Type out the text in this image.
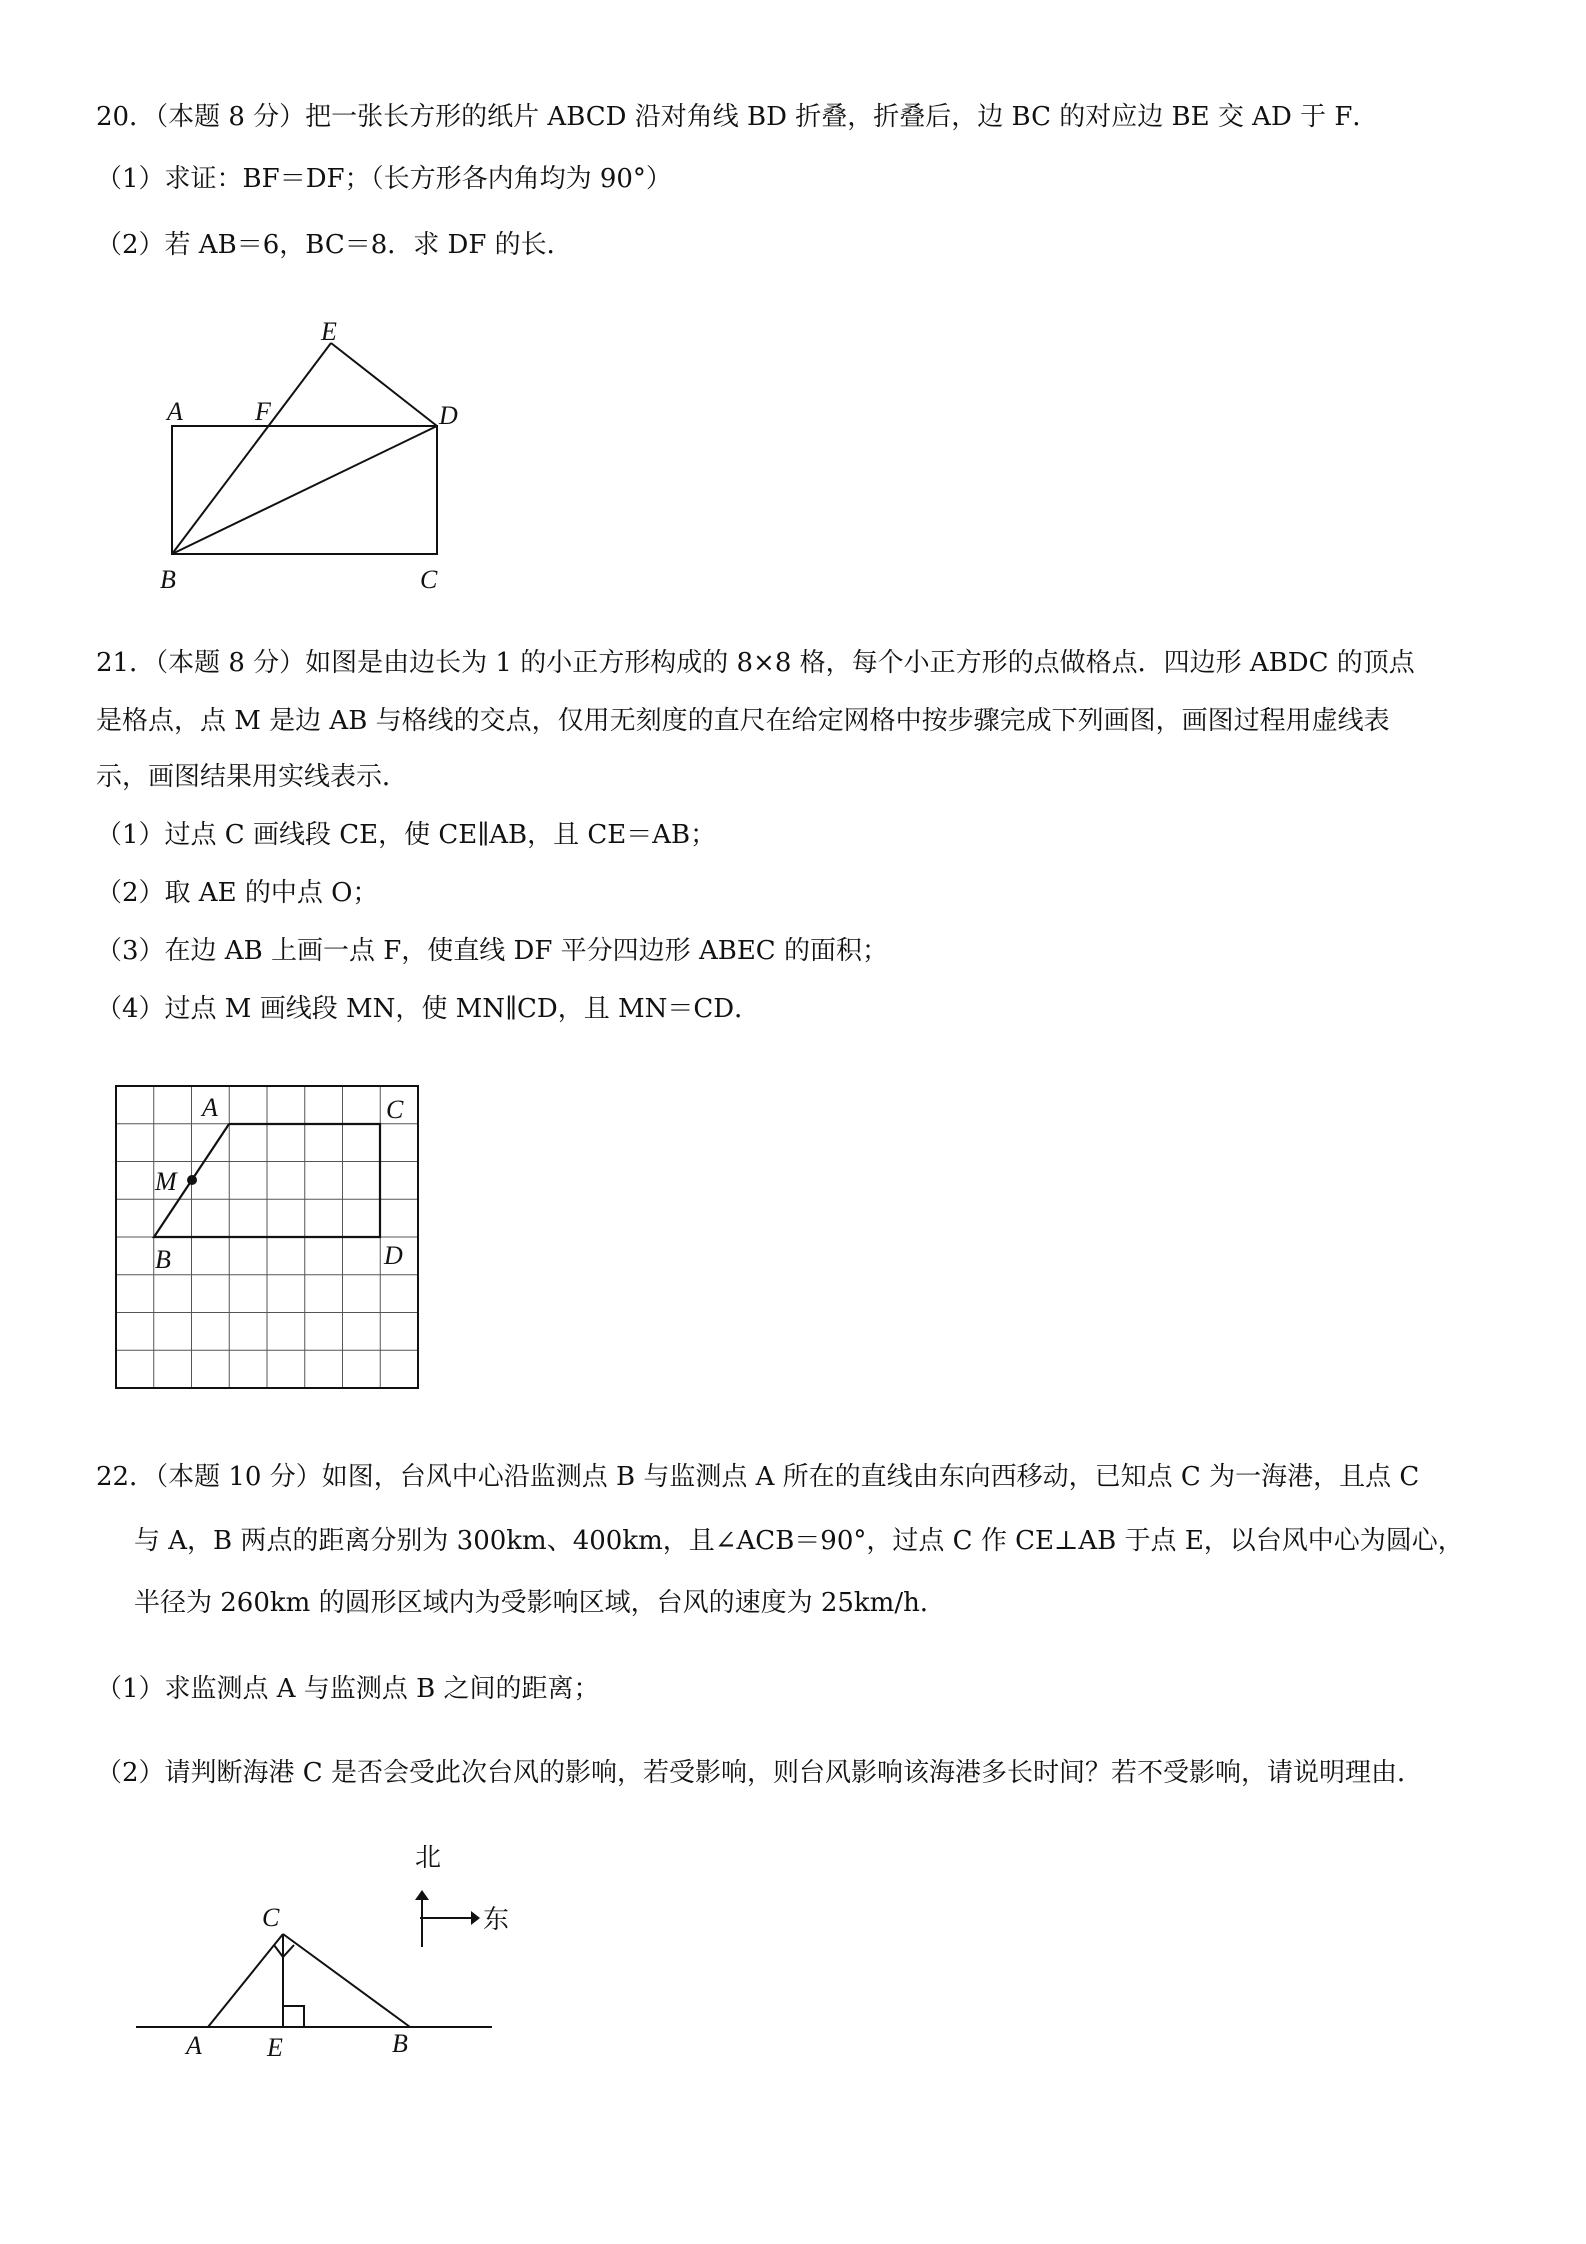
20．（本题 8 分）把一张长方形的纸片 ABCD 沿对角线 BD 折叠，折叠后，边 BC 的对应边 BE 交 AD 于 F．
（1）求证：BF＝DF；（长方形各内角均为 90°）
（2）若 AB＝6，BC＝8．求 DF 的长．
E
A	F	D
B	C
21．（本题 8 分）如图是由边长为 1 的小正方形构成的 8×8 格，每个小正方形的点做格点．四边形 ABDC 的顶点
是格点，点 M 是边 AB 与格线的交点，仅用无刻度的直尺在给定网格中按步骤完成下列画图，画图过程用虚线表
示，画图结果用实线表示．
（1）过点 C 画线段 CE，使 CE∥AB，且 CE＝AB；
（2）取 AE 的中点 O；
（3）在边 AB 上画一点 F，使直线 DF 平分四边形 ABEC 的面积；
（4）过点 M 画线段 MN，使 MN∥CD，且 MN＝CD．
A	C
M
B	D
22．（本题 10 分）如图，台风中心沿监测点 B 与监测点 A 所在的直线由东向西移动，已知点 C 为一海港，且点 C
与 A，B 两点的距离分别为 300km、400km，且∠ACB＝90°，过点 C 作 CE⊥AB 于点 E，以台风中心为圆心，
半径为 260km 的圆形区域内为受影响区域，台风的速度为 25km/h．
（1）求监测点 A 与监测点 B 之间的距离；
（2）请判断海港 C 是否会受此次台风的影响，若受影响，则台风影响该海港多长时间？若不受影响，请说明理由．
C
A	E	B
北
东
